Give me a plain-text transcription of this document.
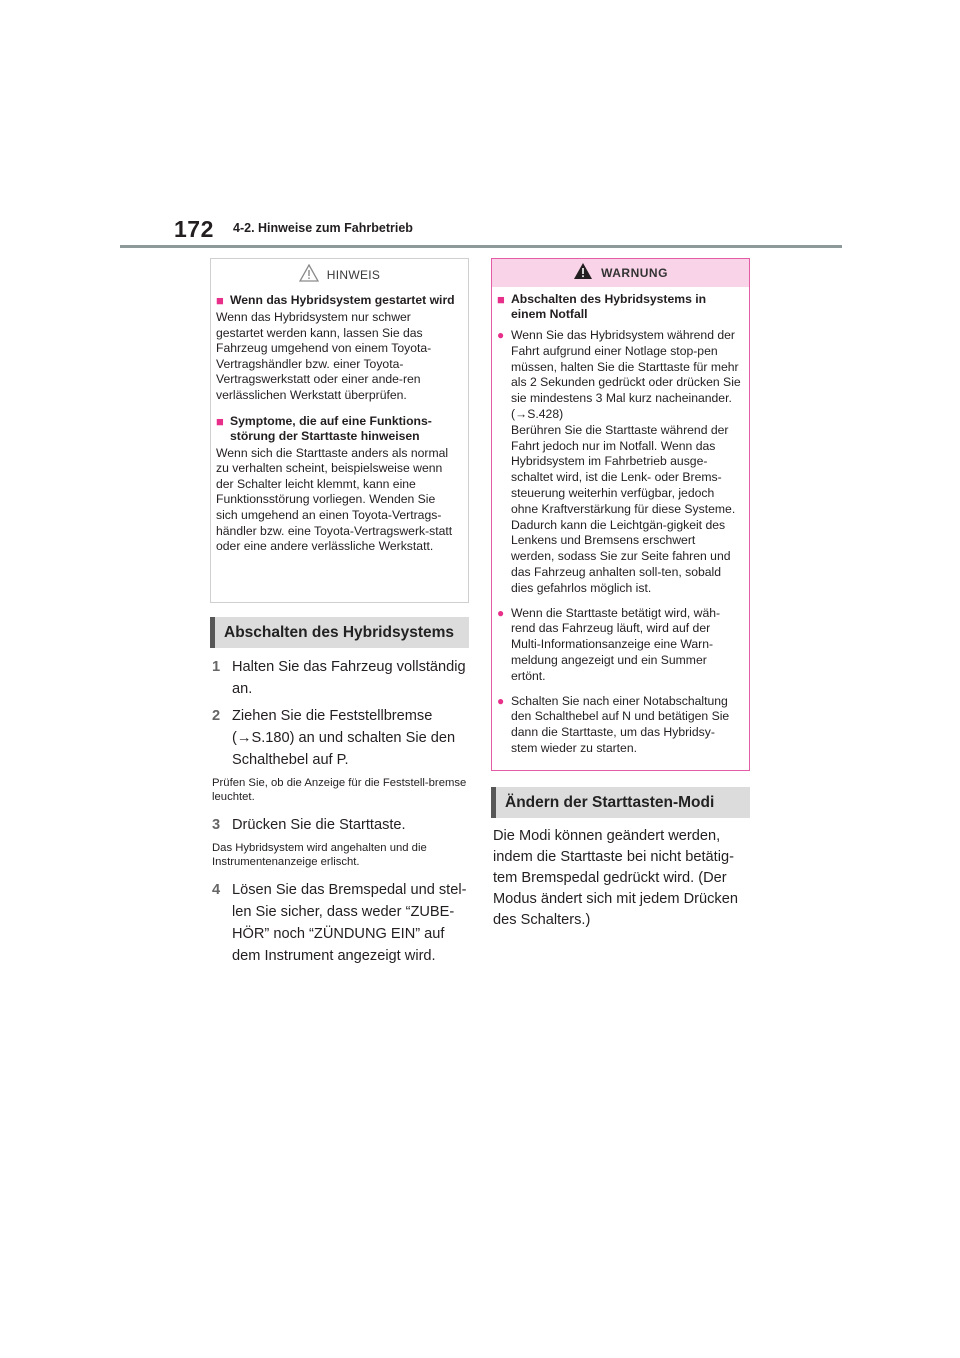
172 4-2. Hinweise zum Fahrbetrieb
HINWEIS
■ Wenn das Hybridsystem gestartet wird

Wenn das Hybridsystem nur schwer gestartet werden kann, lassen Sie das Fahrzeug umgehend von einem Toyota-Vertragshändler bzw. einer Toyota-Vertragswerkstatt oder einer ande-ren verlässlichen Werkstatt überprüfen.

■ Symptome, die auf eine Funktions-störung der Starttaste hinweisen

Wenn sich die Starttaste anders als normal zu verhalten scheint, beispielsweise wenn der Schalter leicht klemmt, kann eine Funktionsstörung vorliegen. Wenden Sie sich umgehend an einen Toyota-Vertrags-händler bzw. eine Toyota-Vertragswerk-statt oder eine andere verlässliche Werkstatt.

Abschalten des Hybridsystems
1 Halten Sie das Fahrzeug vollständig an.
2 Ziehen Sie die Feststellbremse (→S.180) an und schalten Sie den Schalthebel auf P.
Prüfen Sie, ob die Anzeige für die Feststell-bremse leuchtet.
3 Drücken Sie die Starttaste.
Das Hybridsystem wird angehalten und die Instrumentenanzeige erlischt.
4 Lösen Sie das Bremspedal und stel-len Sie sicher, dass weder “ZUBE-HÖR” noch “ZÜNDUNG EIN” auf dem Instrument angezeigt wird.
WARNUNG
■ Abschalten des Hybridsystems in einem Notfall
● Wenn Sie das Hybridsystem während der Fahrt aufgrund einer Notlage stop-pen müssen, halten Sie die Starttaste für mehr als 2 Sekunden gedrückt oder drücken Sie sie mindestens 3 Mal kurz nacheinander. (→S.428)
Berühren Sie die Starttaste während der Fahrt jedoch nur im Notfall. Wenn das Hybridsystem im Fahrbetrieb ausge-schaltet wird, ist die Lenk- oder Brems-steuerung weiterhin verfügbar, jedoch ohne Kraftverstärkung für diese Systeme. Dadurch kann die Leichtgän-gigkeit des Lenkens und Bremsens erschwert werden, sodass Sie zur Seite fahren und das Fahrzeug anhalten soll-ten, sobald dies gefahrlos möglich ist.
● Wenn die Starttaste betätigt wird, wäh-rend das Fahrzeug läuft, wird auf der Multi-Informationsanzeige eine Warn-meldung angezeigt und ein Summer ertönt.
● Schalten Sie nach einer Notabschaltung den Schalthebel auf N und betätigen Sie dann die Starttaste, um das Hybridsy-stem wieder zu starten.
Ändern der Starttasten-Modi
Die Modi können geändert werden,
indem die Starttaste bei nicht betätig-
tem Bremspedal gedrückt wird. (Der
Modus ändert sich mit jedem Drücken
des Schalters.)
